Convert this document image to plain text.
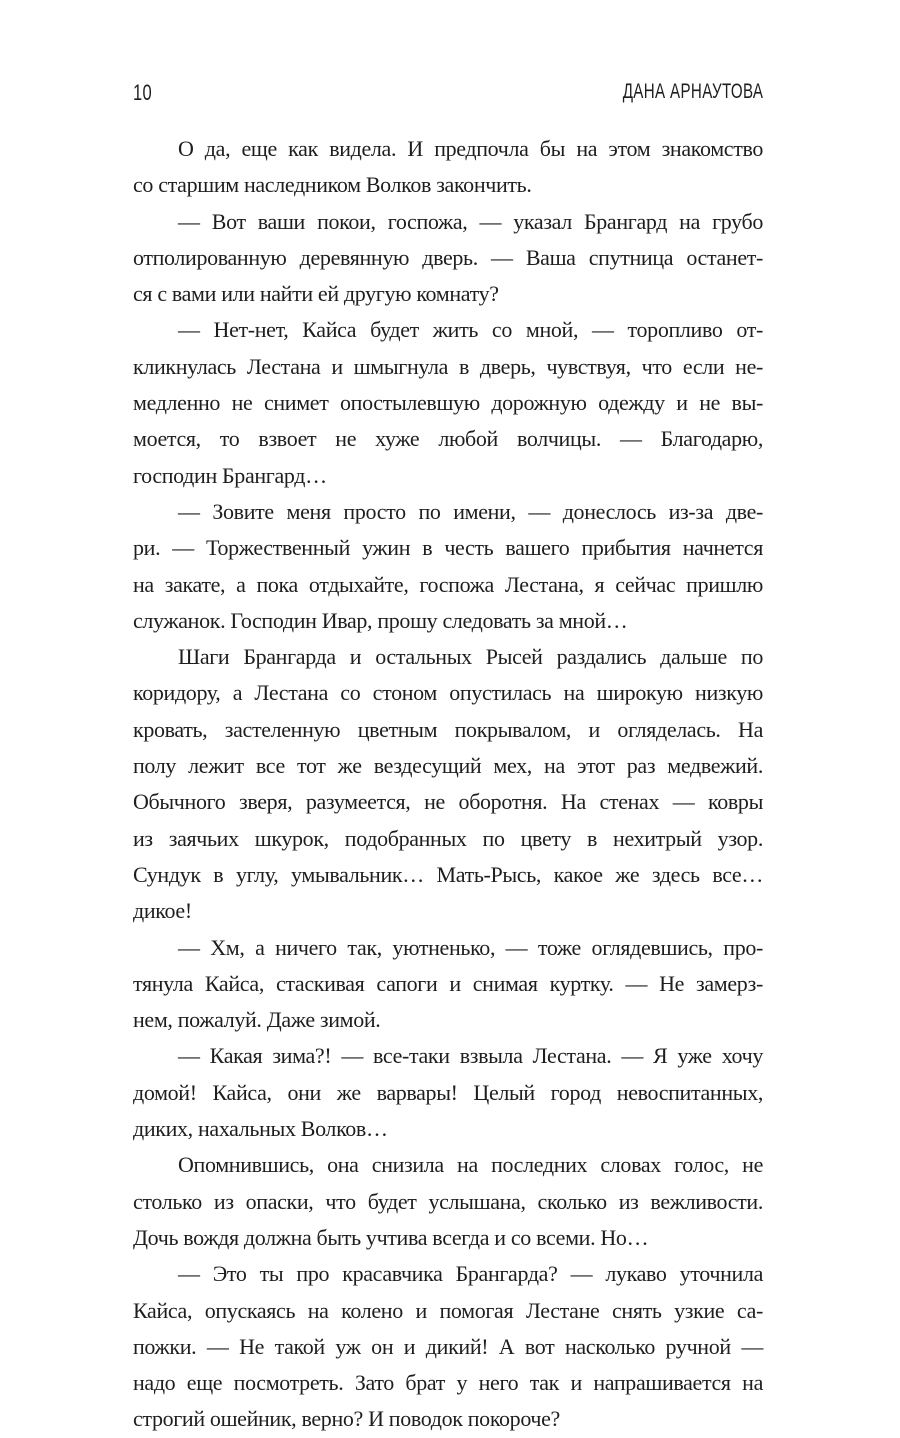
10	ДАНА АРНАУТОВА
О да, еще как видела. И предпочла бы на этом знакомство
со старшим наследником Волков закончить.
— Вот ваши покои, госпожа, — указал Брангард на грубо
отполированную деревянную дверь. — Ваша спутница останет-
ся с вами или найти ей другую комнату?
— Нет-нет, Кайса будет жить со мной, — торопливо от-
кликнулась Лестана и шмыгнула в дверь, чувствуя, что если не-
медленно не снимет опостылевшую дорожную одежду и не вы-
моется, то взвоет не хуже любой волчицы. — Благодарю,
господин Брангард…
— Зовите меня просто по имени, — донеслось из-за две-
ри. — Торжественный ужин в честь вашего прибытия начнется
на закате, а пока отдыхайте, госпожа Лестана, я сейчас пришлю
служанок. Господин Ивар, прошу следовать за мной…
Шаги Брангарда и остальных Рысей раздались дальше по
коридору, а Лестана со стоном опустилась на широкую низкую
кровать, застеленную цветным покрывалом, и огляделась. На
полу лежит все тот же вездесущий мех, на этот раз медвежий.
Обычного зверя, разумеется, не оборотня. На стенах — ковры
из заячьих шкурок, подобранных по цвету в нехитрый узор.
Сундук в углу, умывальник… Мать-Рысь, какое же здесь все…
дикое!
— Хм, а ничего так, уютненько, — тоже оглядевшись, про-
тянула Кайса, стаскивая сапоги и снимая куртку. — Не замерз-
нем, пожалуй. Даже зимой.
— Какая зима?! — все-таки взвыла Лестана. — Я уже хочу
домой! Кайса, они же варвары! Целый город невоспитанных,
диких, нахальных Волков…
Опомнившись, она снизила на последних словах голос, не
столько из опаски, что будет услышана, сколько из вежливости.
Дочь вождя должна быть учтива всегда и со всеми. Но…
— Это ты про красавчика Брангарда? — лукаво уточнила
Кайса, опускаясь на колено и помогая Лестане снять узкие са-
пожки. — Не такой уж он и дикий! А вот насколько ручной —
надо еще посмотреть. Зато брат у него так и напрашивается на
строгий ошейник, верно? И поводок покороче?
